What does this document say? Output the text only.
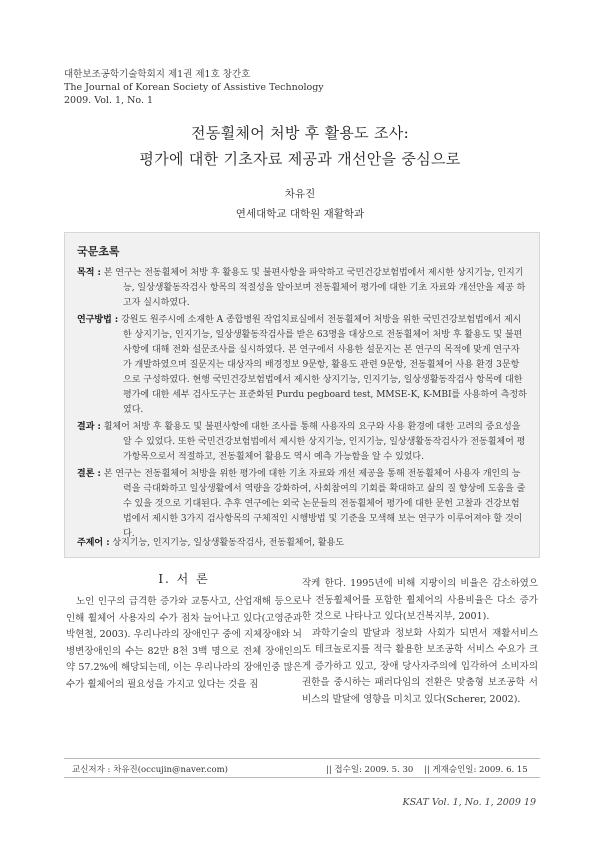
대한보조공학기술학회지 제1권 제1호 창간호
The Journal of Korean Society of Assistive Technology
2009. Vol. 1, No. 1
전동휠체어 처방 후 활용도 조사:
평가에 대한 기초자료 제공과 개선안을 중심으로
차유진
연세대학교 대학원 재활학과
국문초록

목적 : 본 연구는 전동휠체어 처방 후 활용도 및 불편사항을 파악하고 국민건강보험법에서 제시한 상지기능, 인지기능, 일상생활동작검사 항목의 적절성을 알아보며 전동휠체어 평가에 대한 기초 자료와 개선안을 제공 하고자 실시하였다.

연구방법 : 강원도 원주시에 소재한 A 종합병원 작업치료실에서 전동휠체어 처방을 위한 국민건강보험법에서 제시한 상지기능, 인지기능, 일상생활동작검사를 받은 63명을 대상으로 전동휠체어 처방 후 활용도 및 불편사항에 대해 전화 설문조사를 실시하였다. 본 연구에서 사용한 설문지는 본 연구의 목적에 맞게 연구자가 개발하였으며 질문지는 대상자의 배경정보 9문항, 활용도 관련 9문항, 전동휠체어 사용 환경 3문항으로 구성하였다. 현행 국민건강보험법에서 제시한 상지기능, 인지기능, 일상생활동작검사 항목에 대한 평가에 대한 세부 검사도구는 표준화된 Purdu pegboard test, MMSE-K, K-MBI를 사용하여 측정하였다.

결과 : 휠체어 처방 후 활용도 및 불편사항에 대한 조사를 통해 사용자의 요구와 사용 환경에 대한 고려의 중요성을 알 수 있었다. 또한 국민건강보험법에서 제시한 상지기능, 인지기능, 일상생활동작검사가 전동휠체어 평가항목으로서 적절하고, 전동휠체어 활용도 역시 예측 가능함을 알 수 있었다.

결론 : 본 연구는 전동휠체어 처방을 위한 평가에 대한 기초 자료와 개선 제공을 통해 전동휠체어 사용자 개인의 능력을 극대화하고 일상생활에서 역량을 강화하여, 사회참여의 기회를 확대하고 삶의 질 향상에 도움을 줄 수 있을 것으로 기대된다. 추후 연구에는 외국 논문들의 전동휠체어 평가에 대한 문헌 고찰과 건강보험법에서 제시한 3가지 검사항목의 구체적인 시행방법 및 기준을 모색해 보는 연구가 이루어져야 할 것이다.

주제어 : 상지기능, 인지기능, 일상생활동작검사, 전동휠체어, 활용도
Ⅰ. 서 론

노인 인구의 급격한 증가와 교통사고, 산업재해 등으로 인해 휠체어 사용자의 수가 점차 늘어나고 있다(고영준과 박현철, 2003). 우리나라의 장애인구 중에 지체장애와 뇌병변장애인의 수는 82만 8천 3백 명으로 전체 장애인의 약 57.2%에 해당되는데, 이는 우리나라의 장애인중 많은 수가 휠체어의 필요성을 가지고 있다는 것을 짐

작케 한다. 1995년에 비해 지팡이의 비율은 감소하였으나 전동휠체어를 포함한 휠체어의 사용비율은 다소 증가한 것으로 나타나고 있다(보건복지부, 2001).

과학기술의 발달과 정보화 사회가 되면서 재활서비스도 테크놀로지를 적극 활용한 보조공학 서비스 수요가 크게 증가하고 있고, 장애 당사자주의에 입각하여 소비자의 권한을 중시하는 패러다임의 전환은 맞춤형 보조공학 서비스의 발달에 영향을 미치고 있다(Scherer, 2002).

교신저자 : 차유진(occujin@naver.com)	|| 접수일: 2009. 5. 30 || 게재승인일: 2009. 6. 15
KSAT Vol. 1, No. 1, 2009 19
